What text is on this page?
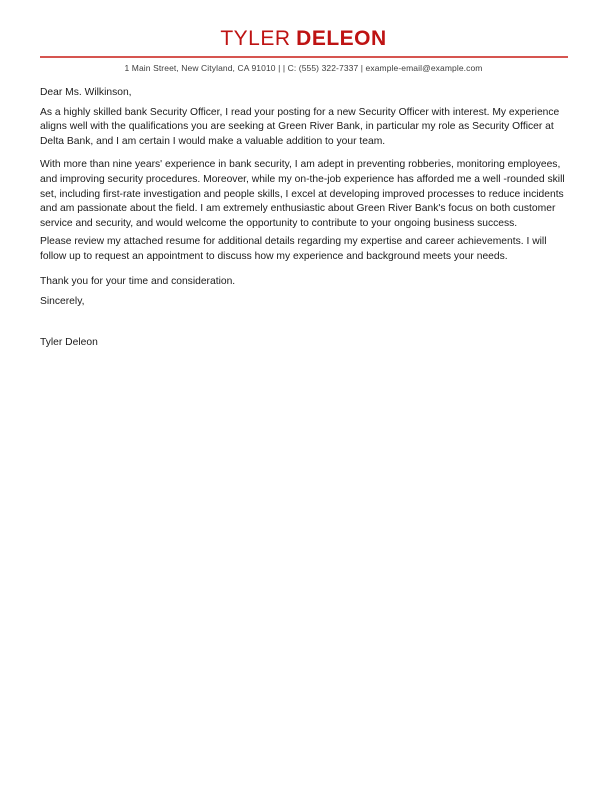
TYLER DELEON
1 Main Street, New Cityland, CA 91010 | | C: (555) 322-7337 | example-email@example.com

Dear Ms. Wilkinson,

As a highly skilled bank Security Officer, I read your posting for a new Security Officer with interest. My experience aligns well with the qualifications you are seeking at Green River Bank, in particular my role as Security Officer at Delta Bank, and I am certain I would make a valuable addition to your team.

With more than nine years' experience in bank security, I am adept in preventing robberies, monitoring employees, and improving security procedures. Moreover, while my on-the-job experience has afforded me a well -rounded skill set, including first-rate investigation and people skills, I excel at developing improved processes to reduce incidents and am passionate about the field. I am extremely enthusiastic about Green River Bank's focus on both customer service and security, and would welcome the opportunity to contribute to your ongoing business success.

Please review my attached resume for additional details regarding my expertise and career achievements. I will follow up to request an appointment to discuss how my experience and background meets your needs.

Thank you for your time and consideration.

Sincerely,

Tyler Deleon
